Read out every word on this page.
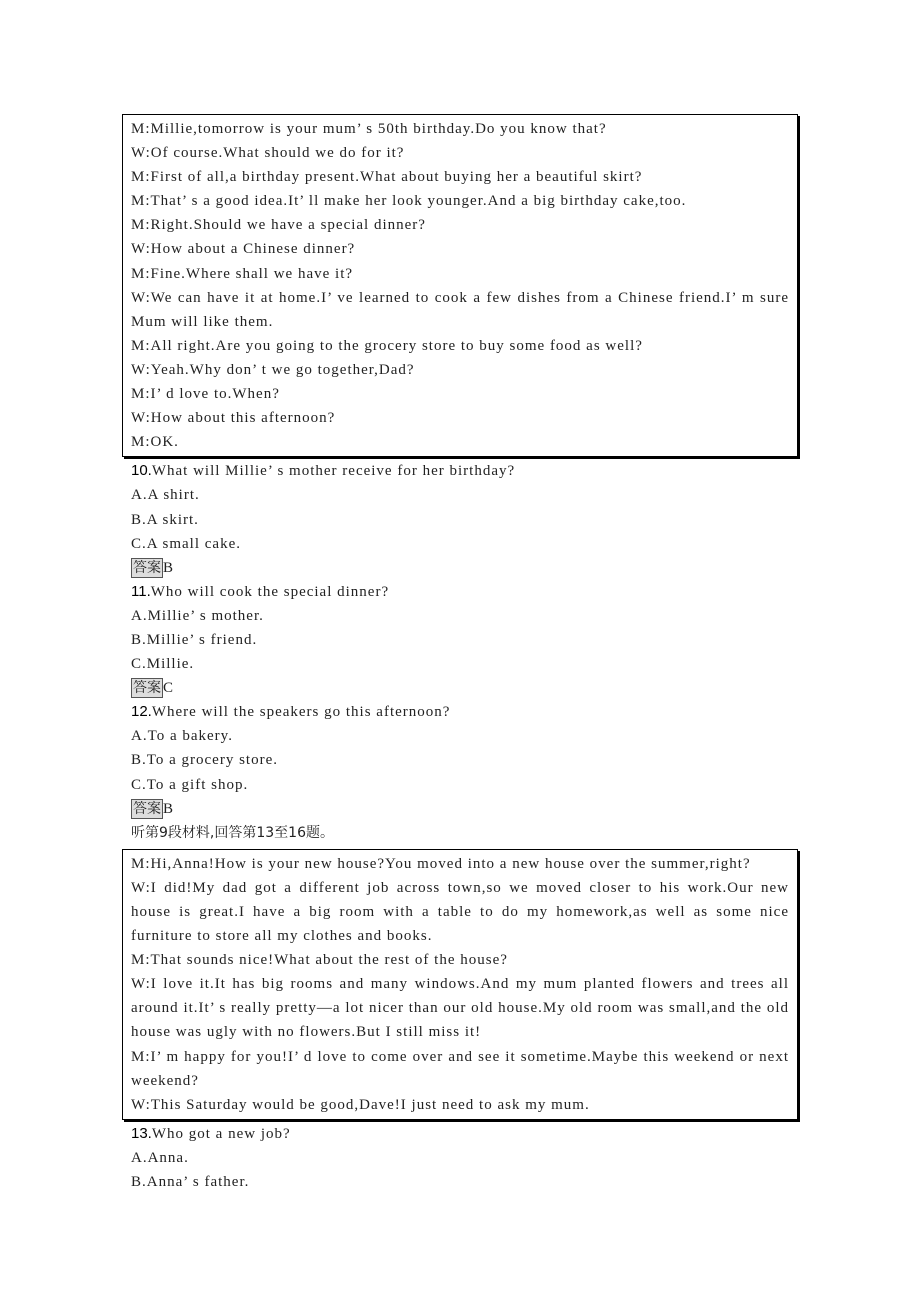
M:Millie,tomorrow is your mum’ s 50th birthday.Do you know that?
W:Of course.What should we do for it?
M:First of all,a birthday present.What about buying her a beautiful skirt?
M:That’ s a good idea.It’ ll make her look younger.And a big birthday cake,too.
M:Right.Should we have a special dinner?
W:How about a Chinese dinner?
M:Fine.Where shall we have it?
W:We can have it at home.I’ ve learned to cook a few dishes from a Chinese friend.I’ m sure Mum will like them.
M:All right.Are you going to the grocery store to buy some food as well?
W:Yeah.Why don’ t we go together,Dad?
M:I’ d love to.When?
W:How about this afternoon?
M:OK.
10.What will Millie’ s mother receive for her birthday?
A.A shirt.
B.A skirt.
C.A small cake.
答案 B
11.Who will cook the special dinner?
A.Millie’ s mother.
B.Millie’ s friend.
C.Millie.
答案 C
12.Where will the speakers go this afternoon?
A.To a bakery.
B.To a grocery store.
C.To a gift shop.
答案 B
听第9段材料,回答第13至16题。
M:Hi,Anna!How is your new house?You moved into a new house over the summer,right?
W:I did!My dad got a different job across town,so we moved closer to his work.Our new house is great.I have a big room with a table to do my homework,as well as some nice furniture to store all my clothes and books.
M:That sounds nice!What about the rest of the house?
W:I love it.It has big rooms and many windows.And my mum planted flowers and trees all around it.It’ s really pretty—a lot nicer than our old house.My old room was small,and the old house was ugly with no flowers.But I still miss it!
M:I’ m happy for you!I’ d love to come over and see it sometime.Maybe this weekend or next weekend?
W:This Saturday would be good,Dave!I just need to ask my mum.
13.Who got a new job?
A.Anna.
B.Anna’ s father.
